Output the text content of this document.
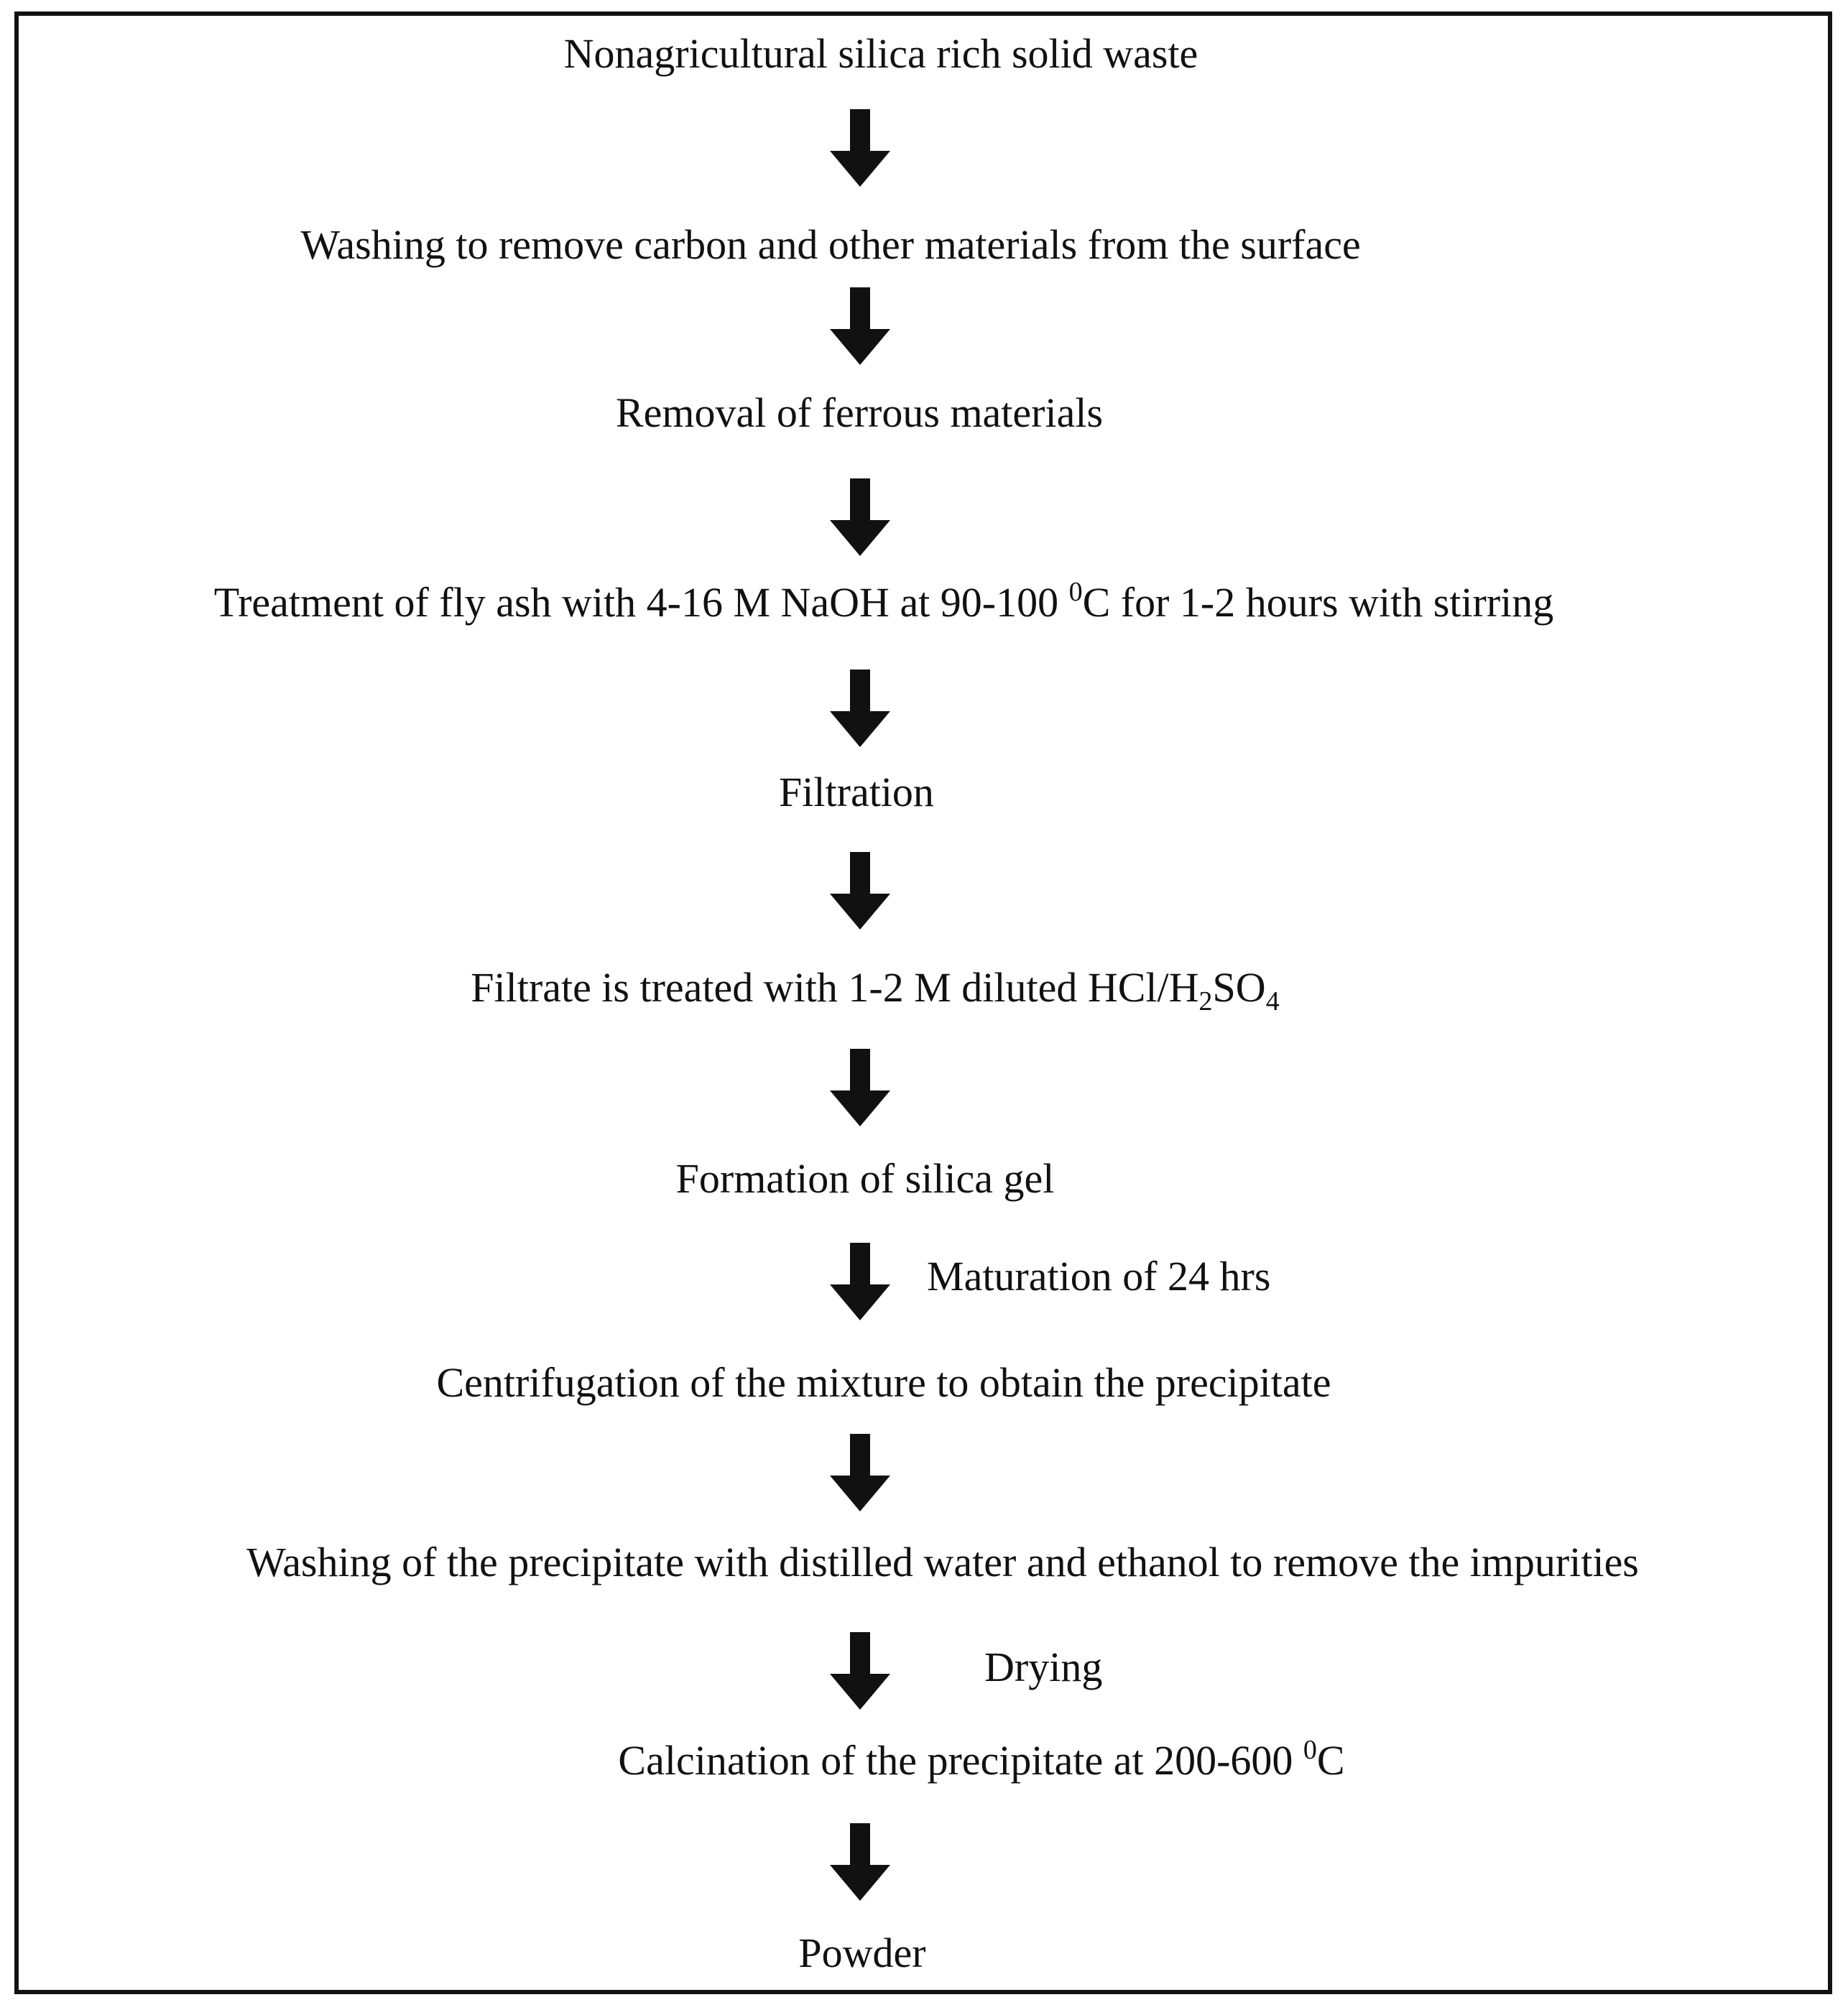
Nonagricultural silica rich solid waste
Washing to remove carbon and other materials from the surface
Removal of ferrous materials
Treatment of fly ash with 4-16 M NaOH at 90-100 $^0$C for 1-2 hours with stirring
Filtration
Filtrate is treated with 1-2 M diluted HCl/$H_2SO_4$
Formation of silica gel
Maturation of 24 hrs
Centrifugation of the mixture to obtain the precipitate
Washing of the precipitate with distilled water and ethanol to remove the impurities
Drying
Calcination of the precipitate at 200-600 $^0$C
Powder
